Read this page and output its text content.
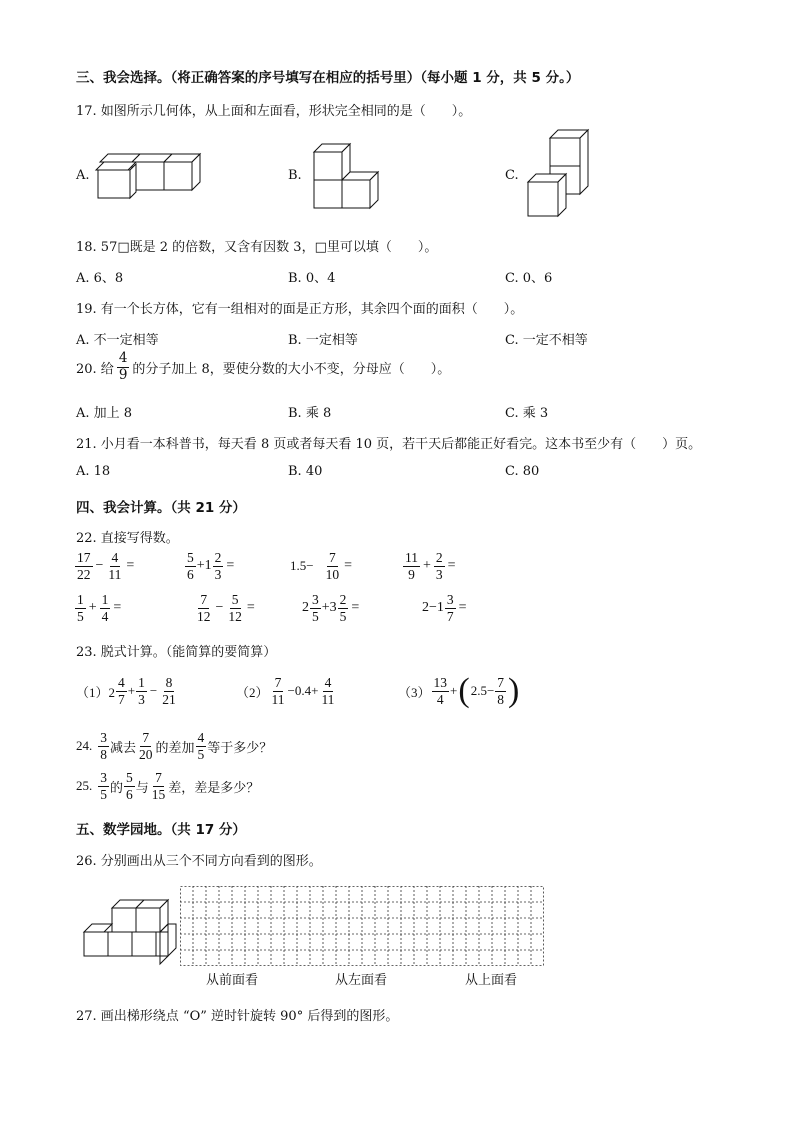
三、我会选择。（将正确答案的序号填写在相应的括号里）（每小题 1 分，共 5 分。）
17. 如图所示几何体，从上面和左面看，形状完全相同的是（　　）。
A.	B.	C.
18. 57□既是 2 的倍数，又含有因数 3，□里可以填（　　）。
A. 6、8	B. 0、4	C. 0、6
19. 有一个长方体，它有一组相对的面是正方形，其余四个面的面积（　　）。
A. 不一定相等	B. 一定相等	C. 一定不相等
20. 给 $\frac{4}{9}$ 的分子加上 8，要使分数的大小不变，分母应（　　）。
A. 加上 8	B. 乘 8	C. 乘 3
21. 小月看一本科普书，每天看 8 页或者每天看 10 页，若干天后都能正好看完。这本书至少有（　　）页。
A. 18	B. 40	C. 80
四、我会计算。（共 21 分）
22. 直接写得数。
$\frac{17}{22} - \frac{4}{11}$ =	$\frac{5}{6} +1 \frac{2}{3}$ =	$1.5- \frac{7}{10}$ =	$\frac{11}{9} + \frac{2}{3}$ =
$\frac{1}{5} + \frac{1}{4}$ =	$\frac{7}{12} - \frac{5}{12}$ =	$2 \frac{3}{5} +3 \frac{2}{5}$ =	$2-1 \frac{3}{7}$ =
23. 脱式计算。（能简算的要简算）
$(1)2 \frac{4}{7} + \frac{1}{3} - \frac{8}{21}$	$(2) \frac{7}{11} -0.4+ \frac{4}{11}$	$(3) \frac{13}{4}$ + ( $2.5- \frac{7}{8}$ )
24. $\frac{3}{8}$ 减去 $\frac{7}{20}$ 的差加 $\frac{4}{5}$ 等于多少？
25. $\frac{3}{5}$ 的 $\frac{5}{6}$ 与 $\frac{7}{15}$ 差，差是多少？
五、数学园地。（共 17 分）
26. 分别画出从三个不同方向看到的图形。
从前面看	从左面看	从上面看
27. 画出梯形绕点 “O” 逆时针旋转 90° 后得到的图形。
